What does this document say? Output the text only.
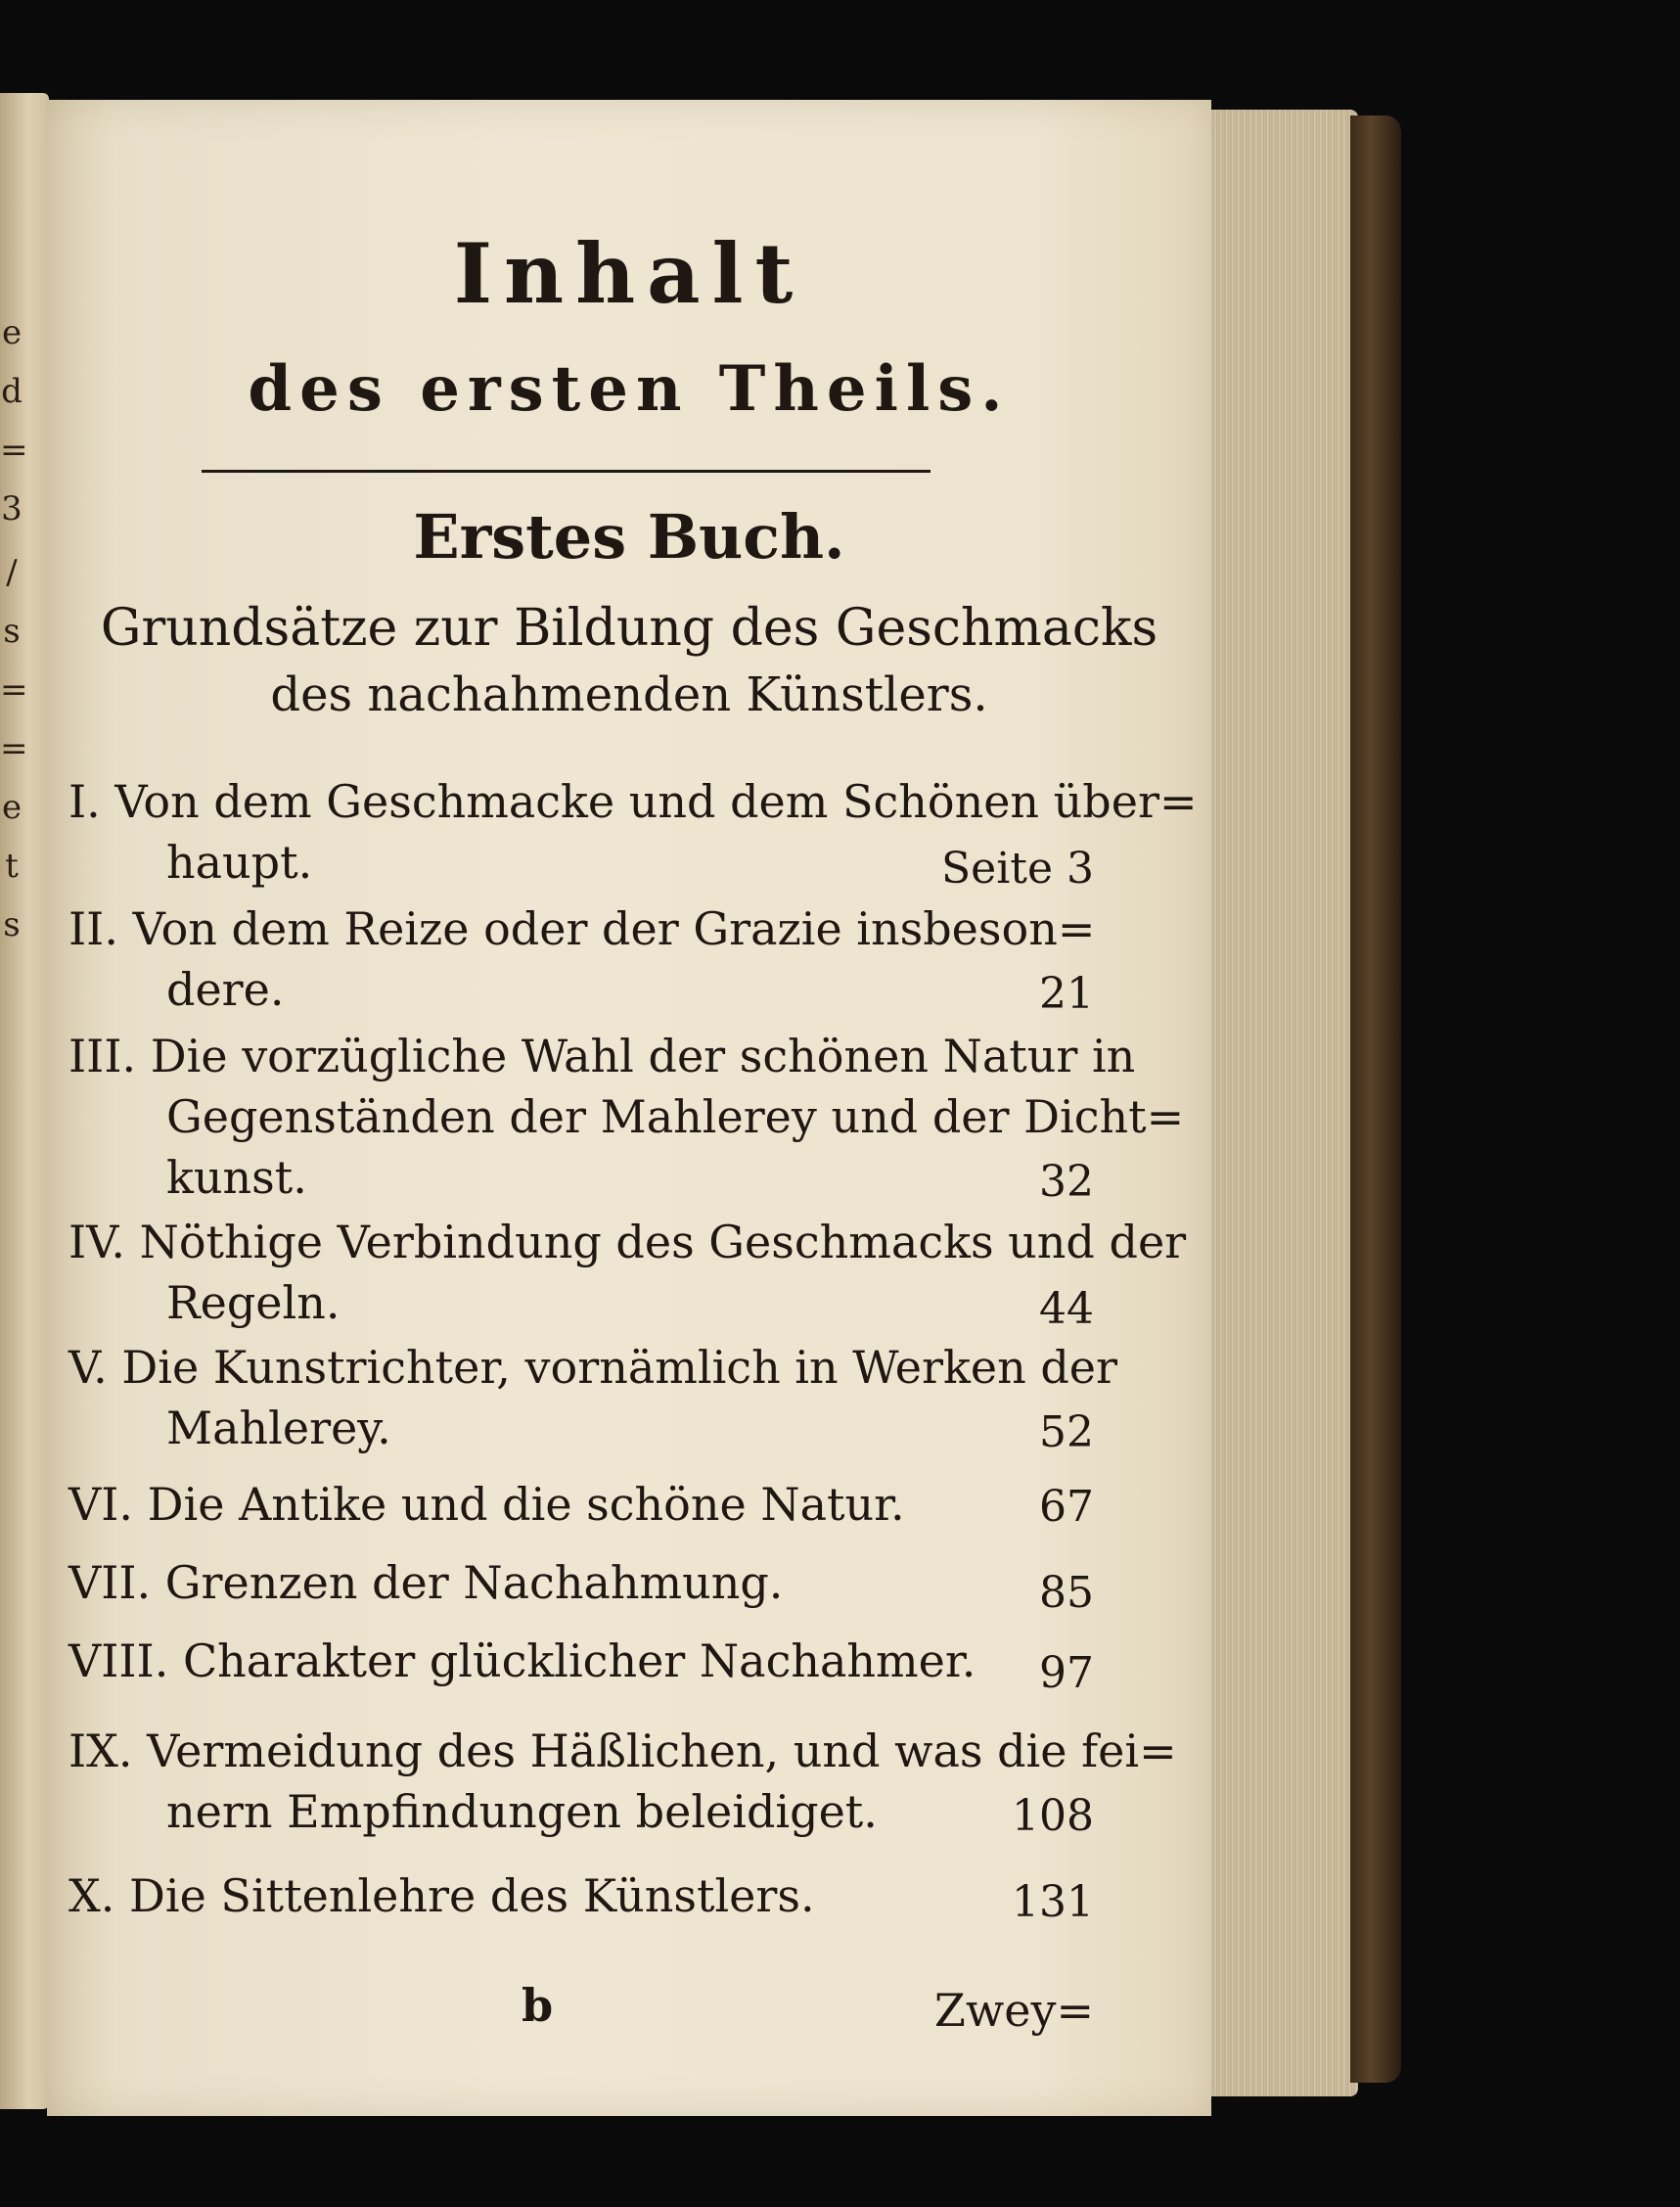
e
d
=
3
/
s
=
=
e
t
s
Inhalt
des ersten Theils.
Erstes Buch.
Grundsätze zur Bildung des Geschmacks
des nachahmenden Künstlers.
I. Von dem Geschmacke und dem Schönen über=
haupt.	Seite 3
II. Von dem Reize oder der Grazie insbeson=
dere.	21
III. Die vorzügliche Wahl der schönen Natur in
Gegenständen der Mahlerey und der Dicht=
kunst.	32
IV. Nöthige Verbindung des Geschmacks und der
Regeln.	44
V. Die Kunstrichter, vornämlich in Werken der
Mahlerey.	52
VI. Die Antike und die schöne Natur.	67
VII. Grenzen der Nachahmung.	85
VIII. Charakter glücklicher Nachahmer.	97
IX. Vermeidung des Häßlichen, und was die fei=
nern Empfindungen beleidiget.	108
X. Die Sittenlehre des Künstlers.	131
b	Zwey=
